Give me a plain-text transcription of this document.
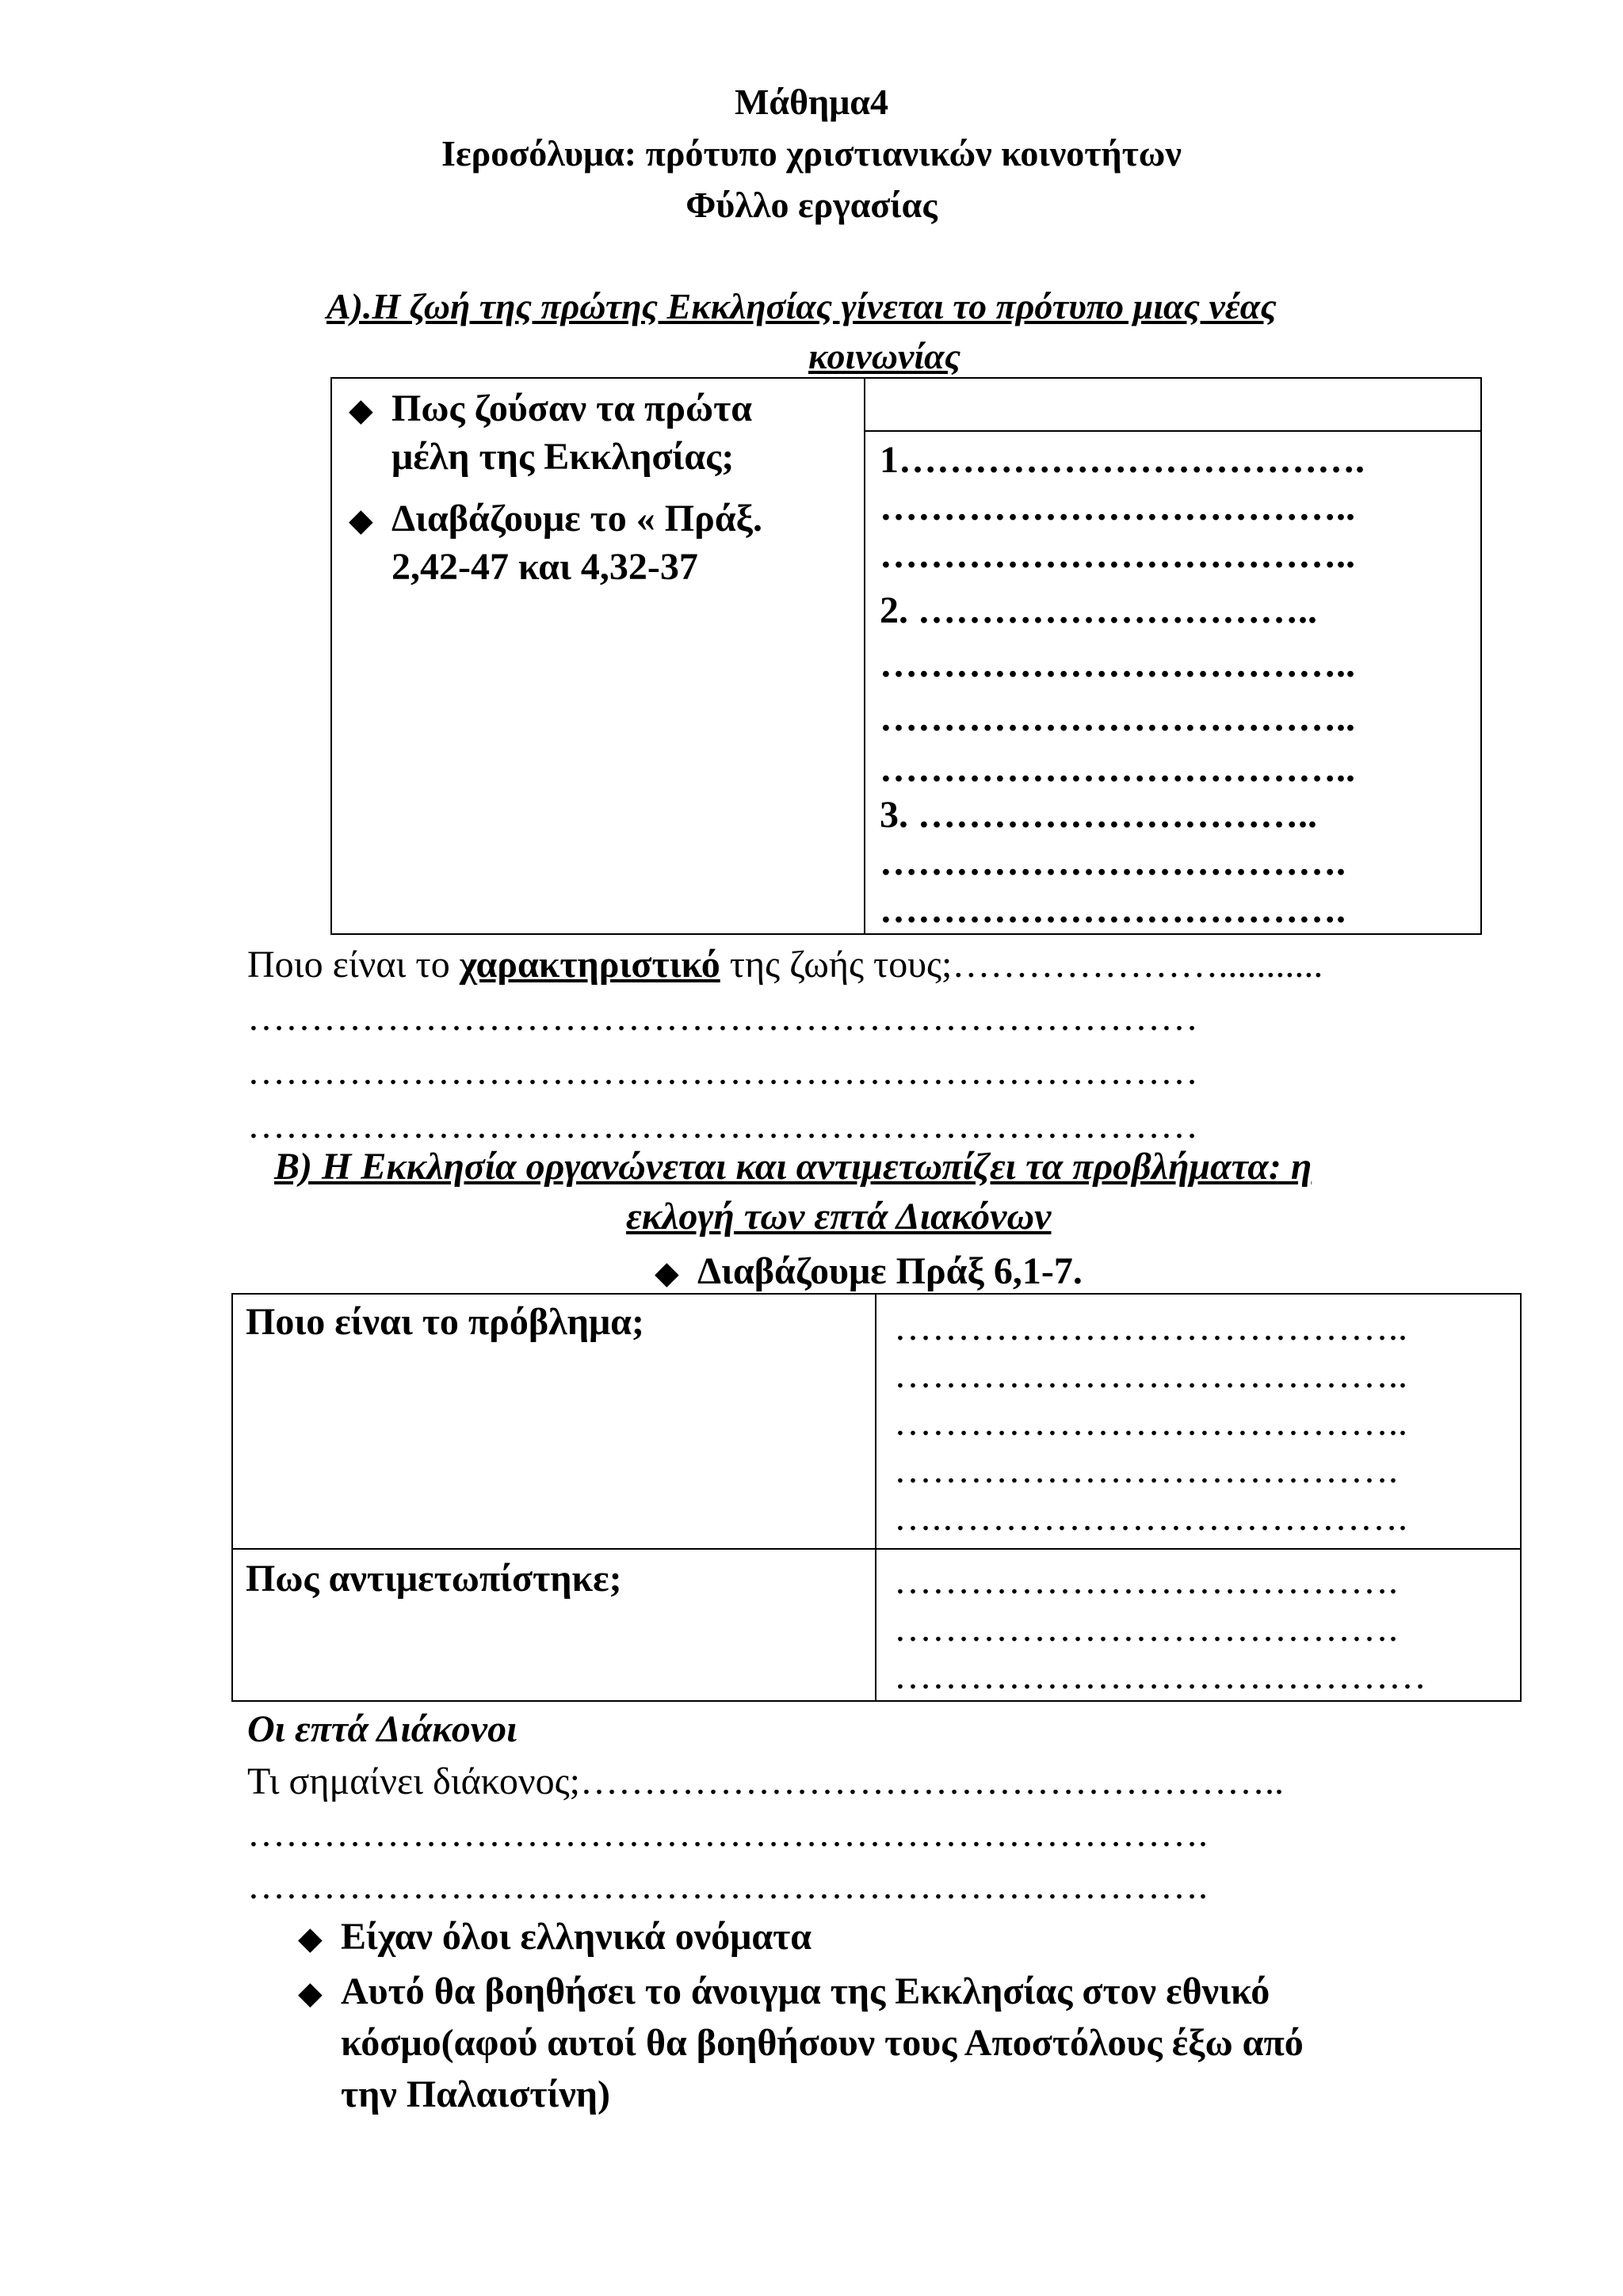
Μάθημα4
Ιεροσόλυμα: πρότυπο χριστιανικών κοινοτήτων
Φύλλο εργασίας
Α).Η ζωή της πρώτης Εκκλησίας γίνεται το πρότυπο μιας νέας
κοινωνίας
◆ Πως ζούσαν τα πρώτα
μέλη της Εκκλησίας;
◆ Διαβάζουμε το « Πράξ.
2,42-47 και 4,32-37
1……………………………….
………………………………..
………………………………..
2. …………………………..
………………………………..
………………………………..
………………………………..
3. …………………………..
……………………………….
……………………………….
Ποιο είναι το χαρακτηριστικό της ζωής τους;…………………...........
…………………………………………………………………
…………………………………………………………………
…………………………………………………………………
Β) Η Εκκλησία οργανώνεται και αντιμετωπίζει τα προβλήματα: η
εκλογή των επτά Διακόνων
◆ Διαβάζουμε Πράξ 6,1-7.
Ποιο είναι το πρόβλημα;	…………………………………..
…………………………………..
…………………………………..
………………………………….
….……………………………….
Πως αντιμετωπίστηκε;	………………………………….
………………………………….
……………………………………
Οι επτά Διάκονοι
Τι σημαίνει διάκονος;………………………………………………..
………………………………………………………………….
………………………………………………………………….
◆ Είχαν όλοι ελληνικά ονόματα
◆ Αυτό θα βοηθήσει το άνοιγμα της Εκκλησίας στον εθνικό
κόσμο(αφού αυτοί θα βοηθήσουν τους Αποστόλους έξω από
την Παλαιστίνη)
